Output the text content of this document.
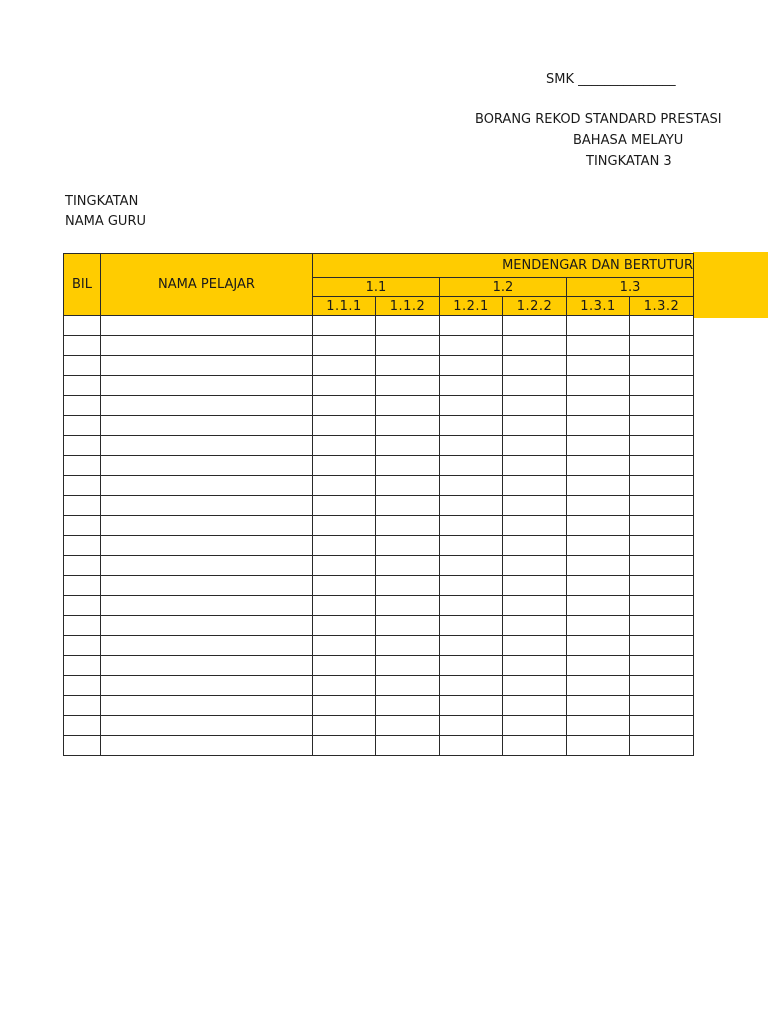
SMK _______________
BORANG REKOD STANDARD PRESTASI
BAHASA MELAYU
TINGKATAN 3
TINGKATAN
NAMA GURU
BIL	NAMA PELAJAR	MENDENGAR DAN BERTUTUR					
		1.1		1.2		1.3	
		1.1.1	1.1.2	1.2.1	1.2.2	1.3.1	1.3.2
